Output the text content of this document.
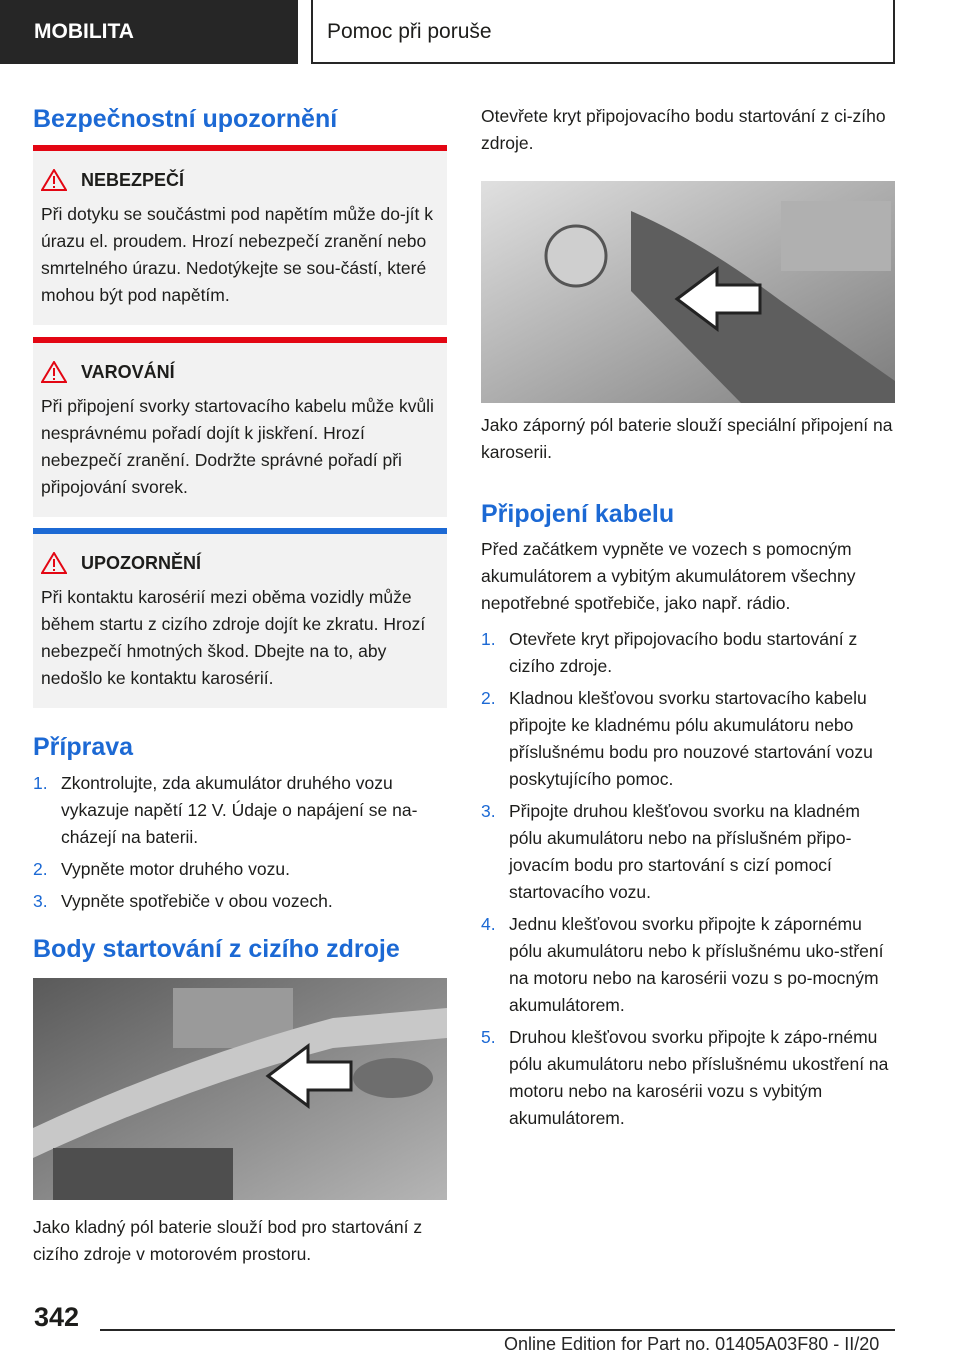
MOBILITA	Pomoc při poruše
Bezpečnostní upozornění
NEBEZPEČÍ

Při dotyku se součástmi pod napětím může do-jít k úrazu el. proudem. Hrozí nebezpečí zranění nebo smrtelného úrazu. Nedotýkejte se sou-částí, které mohou být pod napětím.

VAROVÁNÍ

Při připojení svorky startovacího kabelu může kvůli nesprávnému pořadí dojít k jiskření. Hrozí nebezpečí zranění. Dodržte správné pořadí při připojování svorek.

UPOZORNĚNÍ

Při kontaktu karosérií mezi oběma vozidly může během startu z cizího zdroje dojít ke zkratu. Hrozí nebezpečí hmotných škod. Dbejte na to, aby nedošlo ke kontaktu karosérií.

Příprava
1. Zkontrolujte, zda akumulátor druhého vozu vykazuje napětí 12 V. Údaje o napájení se na-cházejí na baterii.
2. Vypněte motor druhého vozu.
3. Vypněte spotřebiče v obou vozech.
Body startování z cizího zdroje

Jako kladný pól baterie slouží bod pro startování z cizího zdroje v motorovém prostoru.

Otevřete kryt připojovacího bodu startování z ci-zího zdroje.

Jako záporný pól baterie slouží speciální připojení na karoserii.

Připojení kabelu

Před začátkem vypněte ve vozech s pomocným akumulátorem a vybitým akumulátorem všechny nepotřebné spotřebiče, jako např. rádio.

1. Otevřete kryt připojovacího bodu startování z cizího zdroje.
2. Kladnou klešťovou svorku startovacího kabelu připojte ke kladnému pólu akumulátoru nebo příslušnému bodu pro nouzové startování vozu poskytujícího pomoc.
3. Připojte druhou klešťovou svorku na kladném pólu akumulátoru nebo na příslušném připo-jovacím bodu pro startování s cizí pomocí startovacího vozu.
4. Jednu klešťovou svorku připojte k zápornému pólu akumulátoru nebo k příslušnému uko-stření na motoru nebo na karosérii vozu s po-mocným akumulátorem.
5. Druhou klešťovou svorku připojte k zápo-rnému pólu akumulátoru nebo příslušnému ukostření na motoru nebo na karosérii vozu s vybitým akumulátorem.
342
Online Edition for Part no. 01405A03F80 - II/20
